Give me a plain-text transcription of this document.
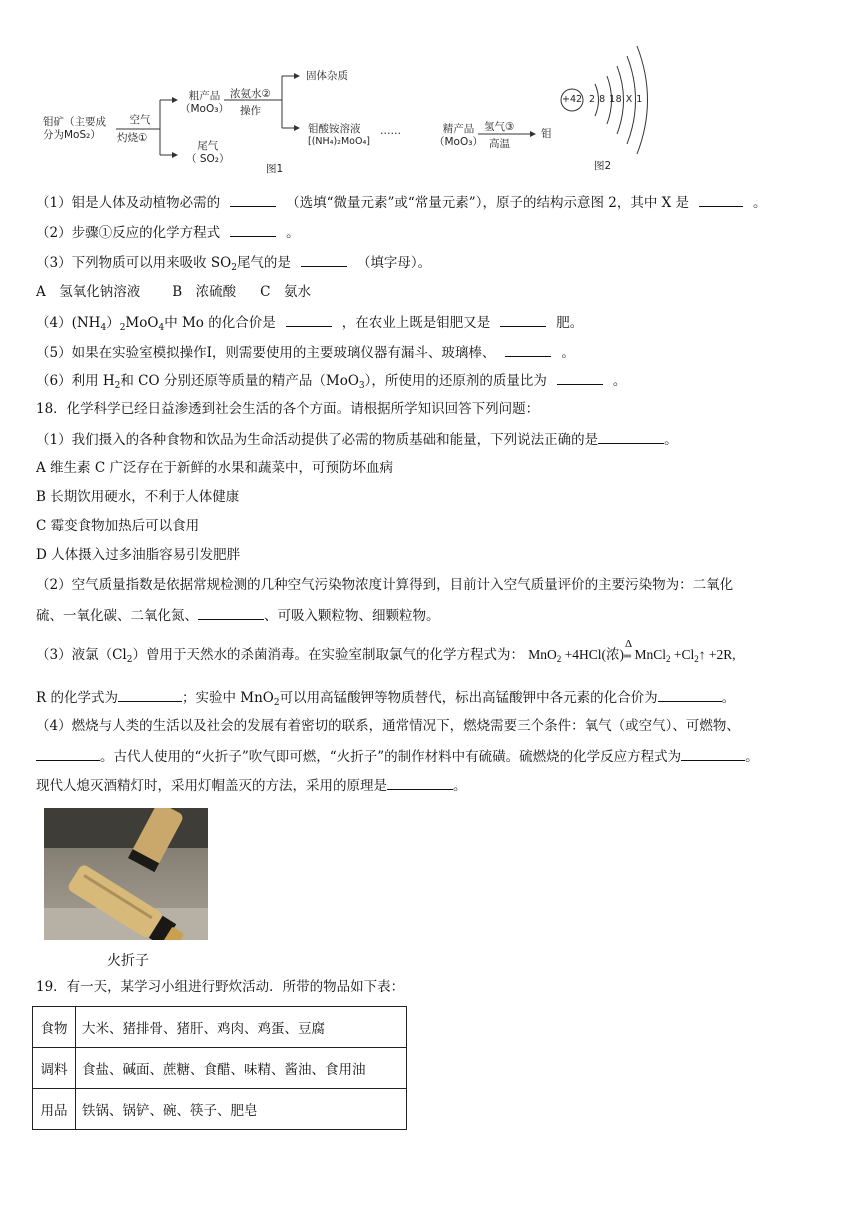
钼矿（主要成
分为MoS₂）
空气
灼烧①
粗产品
（MoO₃）
尾气
（ SO₂）
浓氨水②
操作
固体杂质
钼酸铵溶液
[(NH₄)₂MoO₄]
……	精产品
（MoO₃）
氢气③
高温
钼
图1
+42 2 8 18 X 1
图2
（1）钼是人体及动植物必需的	（选填“微量元素”或“常量元素”），原子的结构示意图 2，其中 X 是	。
（2）步骤①反应的化学方程式	。
（3）下列物质可以用来吸收 $SO_2$尾气的是	（填字母）。
A　氢氧化钠溶液 B　浓硫酸 C　氨水
$(4)(NH_4)_2MoO_4$中 Mo 的化合价是	，在农业上既是钼肥又是	肥。
（5）如果在实验室模拟操作I，则需要使用的主要玻璃仪器有漏斗、玻璃棒、	。
（6）利用 $H_2$和 CO 分别还原等质量的精产品（MoO$_3$），所使用的还原剂的质量比为	。
18．化学科学已经日益渗透到社会生活的各个方面。请根据所学知识回答下列问题：
（1）我们摄入的各种食物和饮品为生命活动提供了必需的物质基础和能量，下列说法正确的是	。
A 维生素 C 广泛存在于新鲜的水果和蔬菜中，可预防坏血病
B 长期饮用硬水，不利于人体健康
C 霉变食物加热后可以食用
D 人体摄入过多油脂容易引发肥胖
（2）空气质量指数是依据常规检测的几种空气污染物浓度计算得到，目前计入空气质量评价的主要污染物为：二氧化
硫、一氧化碳、二氧化氮、	、可吸入颗粒物、细颗粒物。
（3）液氯$(Cl_2)$曾用于天然水的杀菌消毒。在实验室制取氯气的化学方程式为： MnO$_2$ +4HCl(浓)
Δ
═ MnCl$_2$ $+Cl_2↑ +2R$,
R 的化学式为	；实验中 MnO$_2$可以用高锰酸钾等物质替代，标出高锰酸钾中各元素的化合价为	。
（4）燃烧与人类的生活以及社会的发展有着密切的联系，通常情况下，燃烧需要三个条件：氧气（或空气）、可燃物、
。古代人使用的“火折子”吹气即可燃，“火折子”的制作材料中有硫磺。硫燃烧的化学反应方程式为	。
现代人熄灭酒精灯时，采用灯帽盖灭的方法，采用的原理是	。
火折子
19．有一天，某学习小组进行野炊活动．所带的物品如下表：
食物	大米、猪排骨、猪肝、鸡肉、鸡蛋、豆腐
调料	食盐、碱面、蔗糖、食醋、味精、酱油、食用油
用品	铁锅、锅铲、碗、筷子、肥皂
